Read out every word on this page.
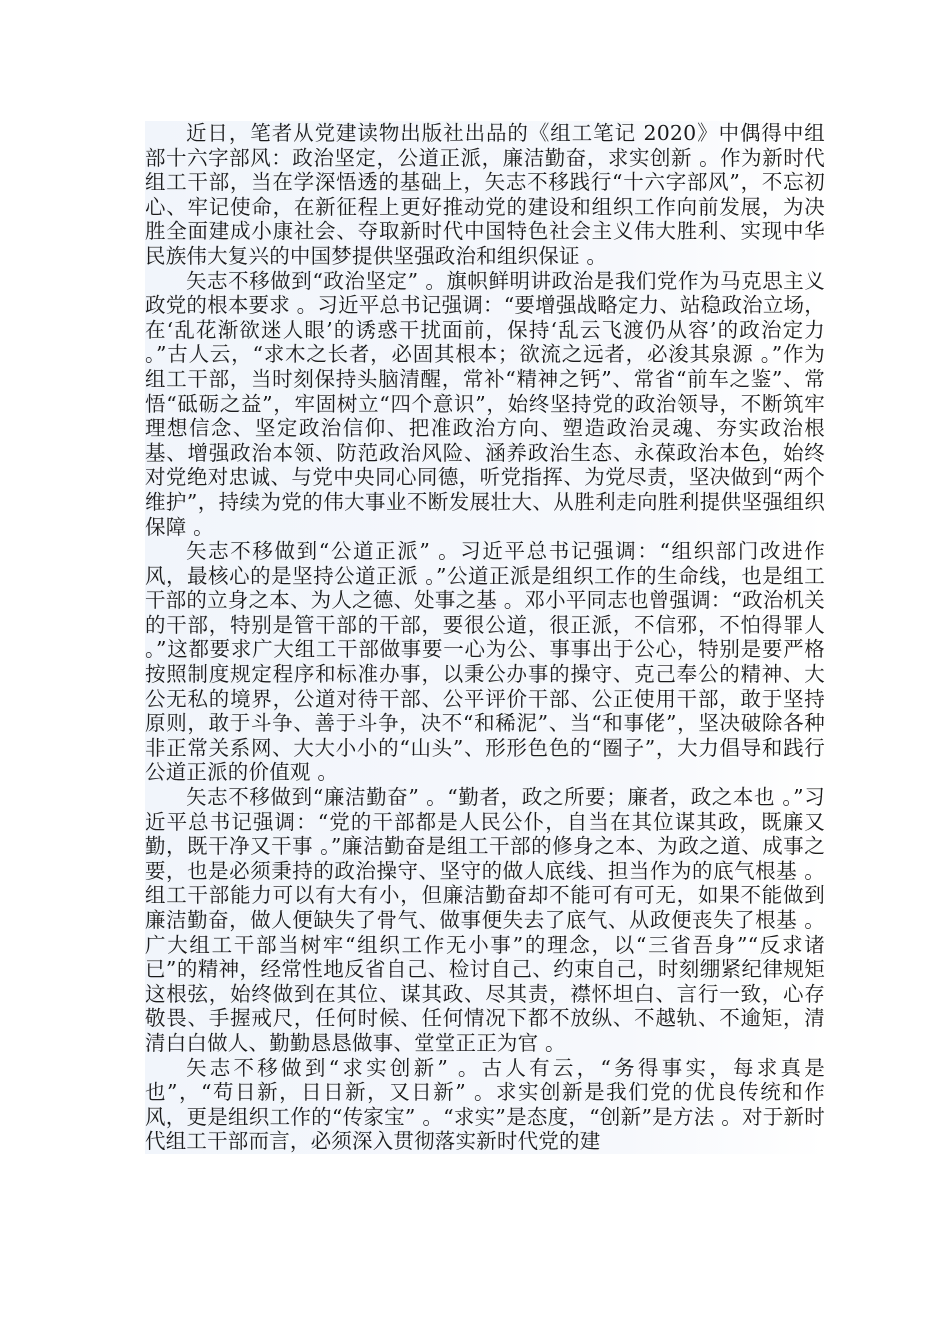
近日，笔者从党建读物出版社出品的《组工笔记 2020》中偶得中组部十六字部风：政治坚定，公道正派，廉洁勤奋，求实创新 。作为新时代组工干部，当在学深悟透的基础上，矢志不移践行“十六字部风”，不忘初心、牢记使命，在新征程上更好推动党的建设和组织工作向前发展，为决胜全面建成小康社会、夺取新时代中国特色社会主义伟大胜利、实现中华民族伟大复兴的中国梦提供坚强政治和组织保证 。

矢志不移做到“政治坚定” 。旗帜鲜明讲政治是我们党作为马克思主义政党的根本要求 。习近平总书记强调：“要增强战略定力、站稳政治立场，在‘乱花渐欲迷人眼’的诱惑干扰面前，保持‘乱云飞渡仍从容’的政治定力 。”古人云，“求木之长者，必固其根本；欲流之远者，必浚其泉源 。”作为组工干部，当时刻保持头脑清醒，常补“精神之钙”、常省“前车之鉴”、常悟“砥砺之益”，牢固树立“四个意识”，始终坚持党的政治领导，不断筑牢理想信念、坚定政治信仰、把准政治方向、塑造政治灵魂、夯实政治根基、增强政治本领、防范政治风险、涵养政治生态、永葆政治本色，始终对党绝对忠诚、与党中央同心同德，听党指挥、为党尽责，坚决做到“两个维护”，持续为党的伟大事业不断发展壮大、从胜利走向胜利提供坚强组织保障 。

矢志不移做到“公道正派” 。习近平总书记强调：“组织部门改进作风，最核心的是坚持公道正派 。”公道正派是组织工作的生命线，也是组工干部的立身之本、为人之德、处事之基 。邓小平同志也曾强调：“政治机关的干部，特别是管干部的干部，要很公道，很正派，不信邪，不怕得罪人 。”这都要求广大组工干部做事要一心为公、事事出于公心，特别是要严格按照制度规定程序和标准办事，以秉公办事的操守、克己奉公的精神、大公无私的境界，公道对待干部、公平评价干部、公正使用干部，敢于坚持原则，敢于斗争、善于斗争，决不“和稀泥”、当“和事佬”，坚决破除各种非正常关系网、大大小小的“山头”、形形色色的“圈子”，大力倡导和践行公道正派的价值观 。

矢志不移做到“廉洁勤奋” 。“勤者，政之所要；廉者，政之本也 。”习近平总书记强调：“党的干部都是人民公仆，自当在其位谋其政，既廉又勤，既干净又干事 。”廉洁勤奋是组工干部的修身之本、为政之道、成事之要，也是必须秉持的政治操守、坚守的做人底线、担当作为的底气根基 。组工干部能力可以有大有小，但廉洁勤奋却不能可有可无，如果不能做到廉洁勤奋，做人便缺失了骨气、做事便失去了底气、从政便丧失了根基 。广大组工干部当树牢“组织工作无小事”的理念，以“三省吾身”“反求诸已”的精神，经常性地反省自己、检讨自己、约束自己，时刻绷紧纪律规矩这根弦，始终做到在其位、谋其政、尽其责，襟怀坦白、言行一致，心存敬畏、手握戒尺，任何时候、任何情况下都不放纵、不越轨、不逾矩，清清白白做人、勤勤恳恳做事、堂堂正正为官 。

矢志不移做到“求实创新” 。古人有云，“务得事实，每求真是也”，“苟日新，日日新，又日新” 。求实创新是我们党的优良传统和作风，更是组织工作的“传家宝” 。“求实”是态度，“创新”是方法 。对于新时代组工干部而言，必须深入贯彻落实新时代党的建
